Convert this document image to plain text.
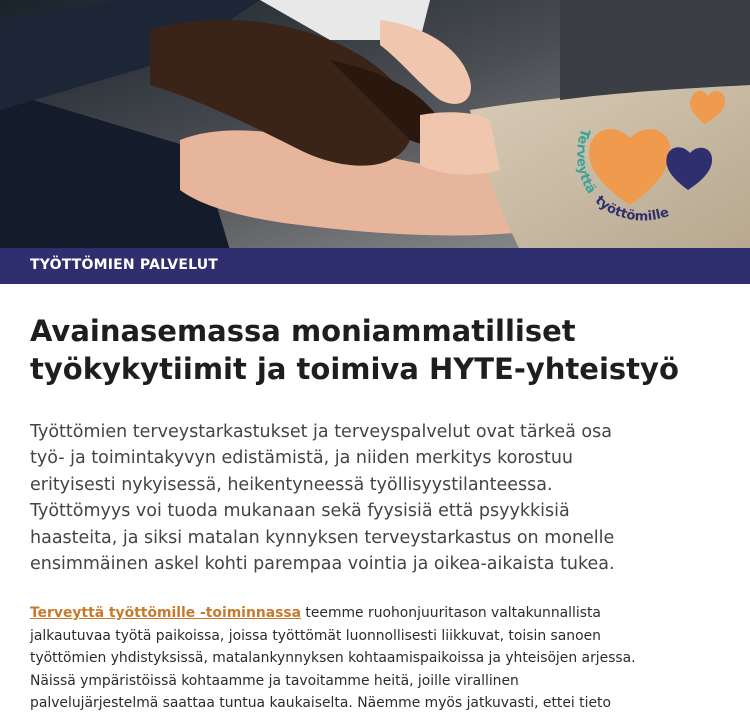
Terveyttä työttömille
TYÖTTÖMIEN PALVELUT
Avainasemassa moniammatilliset
työkykytiimit ja toimiva HYTE-yhteistyö

Työttömien terveystarkastukset ja terveyspalvelut ovat tärkeä osa
työ- ja toimintakyvyn edistämistä, ja niiden merkitys korostuu
erityisesti nykyisessä, heikentyneessä työllisyystilanteessa.
Työttömyys voi tuoda mukanaan sekä fyysisiä että psyykkisiä
haasteita, ja siksi matalan kynnyksen terveystarkastus on monelle
ensimmäinen askel kohti parempaa vointia ja oikea-aikaista tukea.

Terveyttä työttömille -toiminnassa teemme ruohonjuuritason valtakunnallista
jalkautuvaa työtä paikoissa, joissa työttömät luonnollisesti liikkuvat, toisin sanoen
työttömien yhdistyksissä, matalankynnyksen kohtaamispaikoissa ja yhteisöjen arjessa.
Näissä ympäristöissä kohtaamme ja tavoitamme heitä, joille virallinen
palvelujärjestelmä saattaa tuntua kaukaiselta. Näemme myös jatkuvasti, ettei tieto
